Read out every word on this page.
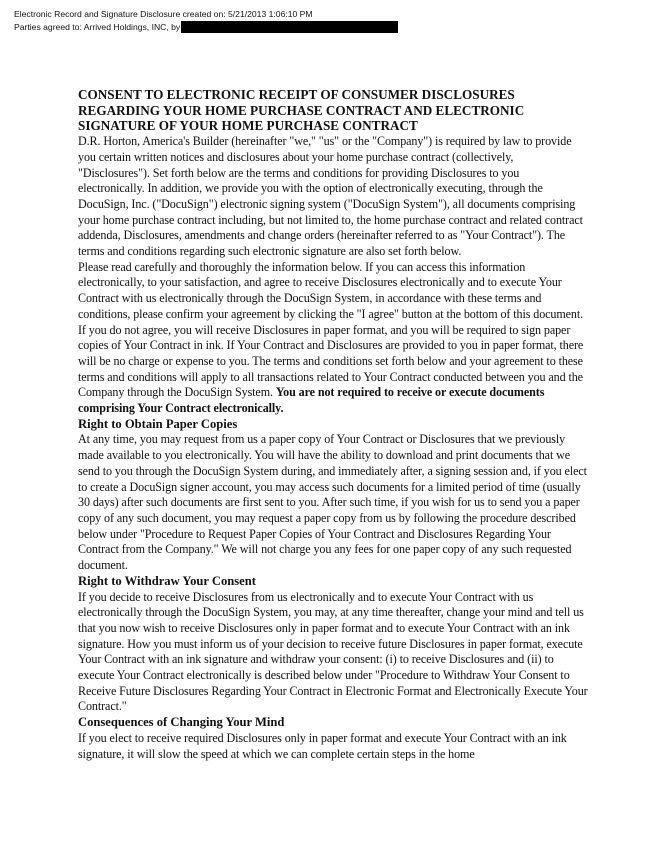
Electronic Record and Signature Disclosure created on: 5/21/2013 1:06:10 PM
Parties agreed to: Arrived Holdings, INC, by
CONSENT TO ELECTRONIC RECEIPT OF CONSUMER DISCLOSURES REGARDING YOUR HOME PURCHASE CONTRACT AND ELECTRONIC SIGNATURE OF YOUR HOME PURCHASE CONTRACT

D.R. Horton, America's Builder (hereinafter "we," "us" or the "Company") is required by law to provide you certain written notices and disclosures about your home purchase contract (collectively, "Disclosures"). Set forth below are the terms and conditions for providing Disclosures to you electronically. In addition, we provide you with the option of electronically executing, through the DocuSign, Inc. ("DocuSign") electronic signing system ("DocuSign System"), all documents comprising your home purchase contract including, but not limited to, the home purchase contract and related contract addenda, Disclosures, amendments and change orders (hereinafter referred to as "Your Contract"). The terms and conditions regarding such electronic signature are also set forth below.

Please read carefully and thoroughly the information below. If you can access this information electronically, to your satisfaction, and agree to receive Disclosures electronically and to execute Your Contract with us electronically through the DocuSign System, in accordance with these terms and conditions, please confirm your agreement by clicking the "I agree" button at the bottom of this document. If you do not agree, you will receive Disclosures in paper format, and you will be required to sign paper copies of Your Contract in ink. If Your Contract and Disclosures are provided to you in paper format, there will be no charge or expense to you. The terms and conditions set forth below and your agreement to these terms and conditions will apply to all transactions related to Your Contract conducted between you and the Company through the DocuSign System. You are not required to receive or execute documents comprising Your Contract electronically.

Right to Obtain Paper Copies

At any time, you may request from us a paper copy of Your Contract or Disclosures that we previously made available to you electronically. You will have the ability to download and print documents that we send to you through the DocuSign System during, and immediately after, a signing session and, if you elect to create a DocuSign signer account, you may access such documents for a limited period of time (usually 30 days) after such documents are first sent to you. After such time, if you wish for us to send you a paper copy of any such document, you may request a paper copy from us by following the procedure described below under "Procedure to Request Paper Copies of Your Contract and Disclosures Regarding Your Contract from the Company." We will not charge you any fees for one paper copy of any such requested document.

Right to Withdraw Your Consent

If you decide to receive Disclosures from us electronically and to execute Your Contract with us electronically through the DocuSign System, you may, at any time thereafter, change your mind and tell us that you now wish to receive Disclosures only in paper format and to execute Your Contract with an ink signature. How you must inform us of your decision to receive future Disclosures in paper format, execute Your Contract with an ink signature and withdraw your consent: (i) to receive Disclosures and (ii) to execute Your Contract electronically is described below under "Procedure to Withdraw Your Consent to Receive Future Disclosures Regarding Your Contract in Electronic Format and Electronically Execute Your Contract."

Consequences of Changing Your Mind

If you elect to receive required Disclosures only in paper format and execute Your Contract with an ink signature, it will slow the speed at which we can complete certain steps in the home
